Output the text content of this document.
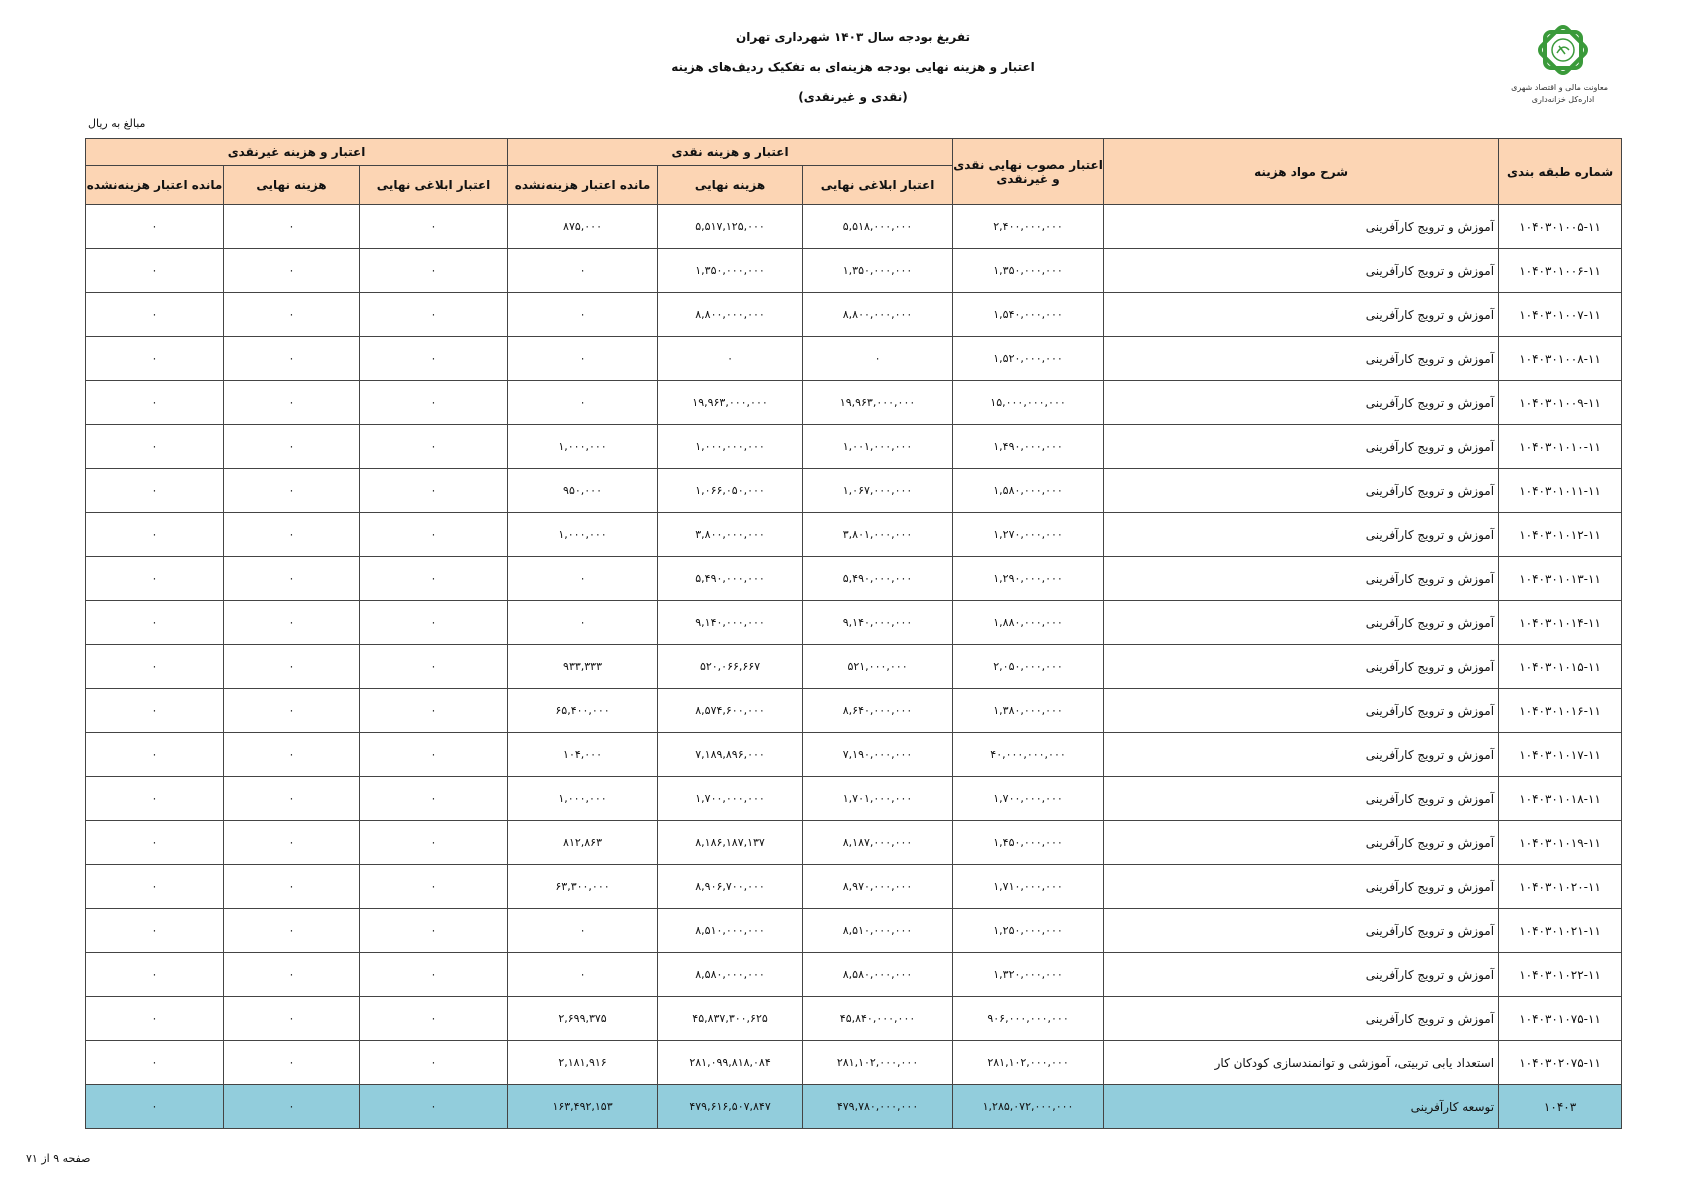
تفریغ بودجه سال ۱۴۰۳ شهرداری تهران
اعتبار و هزینه نهایی بودجه هزینه‌ای به تفکیک ردیف‌های هزینه
(نقدی و غیرنقدی)
معاونت مالی و اقتصاد شهری
اداره‌کل خزانه‌داری
مبالغ به ریال
شماره طبقه بندی	شرح مواد هزینه	اعتبار مصوب نهایی نقدی و غیرنقدی	اعتبار و هزینه نقدی			اعتبار و هزینه غیرنقدی		
			اعتبار ابلاغی نهایی	هزینه نهایی	مانده اعتبار هزینه‌نشده	اعتبار ابلاغی نهایی	هزینه نهایی	مانده اعتبار هزینه‌نشده
۱۰۴۰۳۰۱۰۰۵-۱۱	آموزش و ترویج کارآفرینی	۲,۴۰۰,۰۰۰,۰۰۰	۵,۵۱۸,۰۰۰,۰۰۰	۵,۵۱۷,۱۲۵,۰۰۰	۸۷۵,۰۰۰	۰	۰	۰
۱۰۴۰۳۰۱۰۰۶-۱۱	آموزش و ترویج کارآفرینی	۱,۳۵۰,۰۰۰,۰۰۰	۱,۳۵۰,۰۰۰,۰۰۰	۱,۳۵۰,۰۰۰,۰۰۰	۰	۰	۰	۰
۱۰۴۰۳۰۱۰۰۷-۱۱	آموزش و ترویج کارآفرینی	۱,۵۴۰,۰۰۰,۰۰۰	۸,۸۰۰,۰۰۰,۰۰۰	۸,۸۰۰,۰۰۰,۰۰۰	۰	۰	۰	۰
۱۰۴۰۳۰۱۰۰۸-۱۱	آموزش و ترویج کارآفرینی	۱,۵۲۰,۰۰۰,۰۰۰	۰	۰	۰	۰	۰	۰
۱۰۴۰۳۰۱۰۰۹-۱۱	آموزش و ترویج کارآفرینی	۱۵,۰۰۰,۰۰۰,۰۰۰	۱۹,۹۶۳,۰۰۰,۰۰۰	۱۹,۹۶۳,۰۰۰,۰۰۰	۰	۰	۰	۰
۱۰۴۰۳۰۱۰۱۰-۱۱	آموزش و ترویج کارآفرینی	۱,۴۹۰,۰۰۰,۰۰۰	۱,۰۰۱,۰۰۰,۰۰۰	۱,۰۰۰,۰۰۰,۰۰۰	۱,۰۰۰,۰۰۰	۰	۰	۰
۱۰۴۰۳۰۱۰۱۱-۱۱	آموزش و ترویج کارآفرینی	۱,۵۸۰,۰۰۰,۰۰۰	۱,۰۶۷,۰۰۰,۰۰۰	۱,۰۶۶,۰۵۰,۰۰۰	۹۵۰,۰۰۰	۰	۰	۰
۱۰۴۰۳۰۱۰۱۲-۱۱	آموزش و ترویج کارآفرینی	۱,۲۷۰,۰۰۰,۰۰۰	۳,۸۰۱,۰۰۰,۰۰۰	۳,۸۰۰,۰۰۰,۰۰۰	۱,۰۰۰,۰۰۰	۰	۰	۰
۱۰۴۰۳۰۱۰۱۳-۱۱	آموزش و ترویج کارآفرینی	۱,۲۹۰,۰۰۰,۰۰۰	۵,۴۹۰,۰۰۰,۰۰۰	۵,۴۹۰,۰۰۰,۰۰۰	۰	۰	۰	۰
۱۰۴۰۳۰۱۰۱۴-۱۱	آموزش و ترویج کارآفرینی	۱,۸۸۰,۰۰۰,۰۰۰	۹,۱۴۰,۰۰۰,۰۰۰	۹,۱۴۰,۰۰۰,۰۰۰	۰	۰	۰	۰
۱۰۴۰۳۰۱۰۱۵-۱۱	آموزش و ترویج کارآفرینی	۲,۰۵۰,۰۰۰,۰۰۰	۵۲۱,۰۰۰,۰۰۰	۵۲۰,۰۶۶,۶۶۷	۹۳۳,۳۳۳	۰	۰	۰
۱۰۴۰۳۰۱۰۱۶-۱۱	آموزش و ترویج کارآفرینی	۱,۳۸۰,۰۰۰,۰۰۰	۸,۶۴۰,۰۰۰,۰۰۰	۸,۵۷۴,۶۰۰,۰۰۰	۶۵,۴۰۰,۰۰۰	۰	۰	۰
۱۰۴۰۳۰۱۰۱۷-۱۱	آموزش و ترویج کارآفرینی	۴۰,۰۰۰,۰۰۰,۰۰۰	۷,۱۹۰,۰۰۰,۰۰۰	۷,۱۸۹,۸۹۶,۰۰۰	۱۰۴,۰۰۰	۰	۰	۰
۱۰۴۰۳۰۱۰۱۸-۱۱	آموزش و ترویج کارآفرینی	۱,۷۰۰,۰۰۰,۰۰۰	۱,۷۰۱,۰۰۰,۰۰۰	۱,۷۰۰,۰۰۰,۰۰۰	۱,۰۰۰,۰۰۰	۰	۰	۰
۱۰۴۰۳۰۱۰۱۹-۱۱	آموزش و ترویج کارآفرینی	۱,۴۵۰,۰۰۰,۰۰۰	۸,۱۸۷,۰۰۰,۰۰۰	۸,۱۸۶,۱۸۷,۱۳۷	۸۱۲,۸۶۳	۰	۰	۰
۱۰۴۰۳۰۱۰۲۰-۱۱	آموزش و ترویج کارآفرینی	۱,۷۱۰,۰۰۰,۰۰۰	۸,۹۷۰,۰۰۰,۰۰۰	۸,۹۰۶,۷۰۰,۰۰۰	۶۳,۳۰۰,۰۰۰	۰	۰	۰
۱۰۴۰۳۰۱۰۲۱-۱۱	آموزش و ترویج کارآفرینی	۱,۲۵۰,۰۰۰,۰۰۰	۸,۵۱۰,۰۰۰,۰۰۰	۸,۵۱۰,۰۰۰,۰۰۰	۰	۰	۰	۰
۱۰۴۰۳۰۱۰۲۲-۱۱	آموزش و ترویج کارآفرینی	۱,۳۲۰,۰۰۰,۰۰۰	۸,۵۸۰,۰۰۰,۰۰۰	۸,۵۸۰,۰۰۰,۰۰۰	۰	۰	۰	۰
۱۰۴۰۳۰۱۰۷۵-۱۱	آموزش و ترویج کارآفرینی	۹۰۶,۰۰۰,۰۰۰,۰۰۰	۴۵,۸۴۰,۰۰۰,۰۰۰	۴۵,۸۳۷,۳۰۰,۶۲۵	۲,۶۹۹,۳۷۵	۰	۰	۰
۱۰۴۰۳۰۲۰۷۵-۱۱	استعداد یابی تربیتی، آموزشی و توانمندسازی کودکان کار	۲۸۱,۱۰۲,۰۰۰,۰۰۰	۲۸۱,۱۰۲,۰۰۰,۰۰۰	۲۸۱,۰۹۹,۸۱۸,۰۸۴	۲,۱۸۱,۹۱۶	۰	۰	۰
۱۰۴۰۳	توسعه کارآفرینی	۱,۲۸۵,۰۷۲,۰۰۰,۰۰۰	۴۷۹,۷۸۰,۰۰۰,۰۰۰	۴۷۹,۶۱۶,۵۰۷,۸۴۷	۱۶۳,۴۹۲,۱۵۳	۰	۰	۰
صفحه ۹ از ۷۱
